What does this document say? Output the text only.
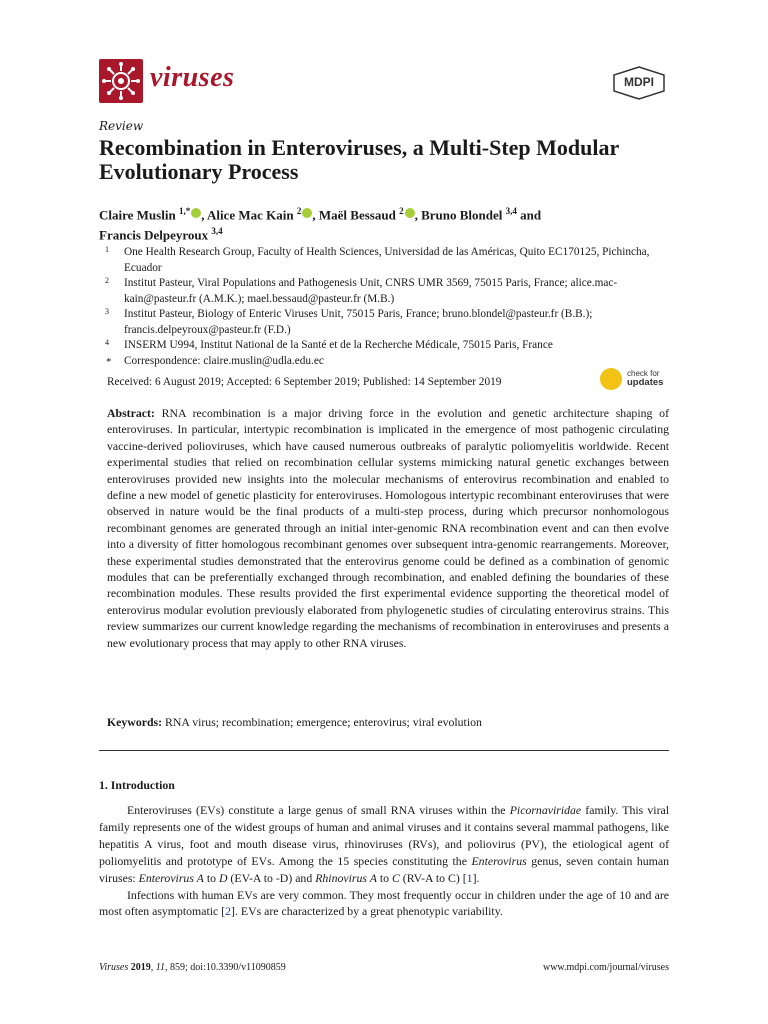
viruses	MDPI
Review
Recombination in Enteroviruses, a Multi-Step Modular Evolutionary Process
Claire Muslin $^{1,*}$ , Alice Mac Kain $^2$ , Maël Bessaud $^2$ , Bruno Blondel $^{3,4}$ and
Francis Delpeyroux $^{3,4}$
1 One Health Research Group, Faculty of Health Sciences, Universidad de las Américas, Quito EC170125, Pichincha, Ecuador
2 Institut Pasteur, Viral Populations and Pathogenesis Unit, CNRS UMR 3569, 75015 Paris, France; alice.mac-kain@pasteur.fr (A.M.K.); mael.bessaud@pasteur.fr (M.B.)
3 Institut Pasteur, Biology of Enteric Viruses Unit, 75015 Paris, France; bruno.blondel@pasteur.fr (B.B.); francis.delpeyroux@pasteur.fr (F.D.)
4 INSERM U994, Institut National de la Santé et de la Recherche Médicale, 75015 Paris, France
* Correspondence: claire.muslin@udla.edu.ec
Received: 6 August 2019; Accepted: 6 September 2019; Published: 14 September 2019
check for
updates
Abstract: RNA recombination is a major driving force in the evolution and genetic architecture shaping of enteroviruses. In particular, intertypic recombination is implicated in the emergence of most pathogenic circulating vaccine-derived polioviruses, which have caused numerous outbreaks of paralytic poliomyelitis worldwide. Recent experimental studies that relied on recombination cellular systems mimicking natural genetic exchanges between enteroviruses provided new insights into the molecular mechanisms of enterovirus recombination and enabled to define a new model of genetic plasticity for enteroviruses. Homologous intertypic recombinant enteroviruses that were observed in nature would be the final products of a multi-step process, during which precursor nonhomologous recombinant genomes are generated through an initial inter-genomic RNA recombination event and can then evolve into a diversity of fitter homologous recombinant genomes over subsequent intra-genomic rearrangements. Moreover, these experimental studies demonstrated that the enterovirus genome could be defined as a combination of genomic modules that can be preferentially exchanged through recombination, and enabled defining the boundaries of these recombination modules. These results provided the first experimental evidence supporting the theoretical model of enterovirus modular evolution previously elaborated from phylogenetic studies of circulating enterovirus strains. This review summarizes our current knowledge regarding the mechanisms of recombination in enteroviruses and presents a new evolutionary process that may apply to other RNA viruses.
Keywords: RNA virus; recombination; emergence; enterovirus; viral evolution
1. Introduction

Enteroviruses (EVs) constitute a large genus of small RNA viruses within the Picornaviridae family. This viral family represents one of the widest groups of human and animal viruses and it contains several mammal pathogens, like hepatitis A virus, foot and mouth disease virus, rhinoviruses (RVs), and poliovirus (PV), the etiological agent of poliomyelitis and prototype of EVs. Among the 15 species constituting the Enterovirus genus, seven contain human viruses: Enterovirus A to D (EV-A to -D) and Rhinovirus A to C (RV-A to C) [1].

Infections with human EVs are very common. They most frequently occur in children under the age of 10 and are most often asymptomatic [2]. EVs are characterized by a great phenotypic variability.

Viruses 2019, 11, 859; doi:10.3390/v11090859	www.mdpi.com/journal/viruses
